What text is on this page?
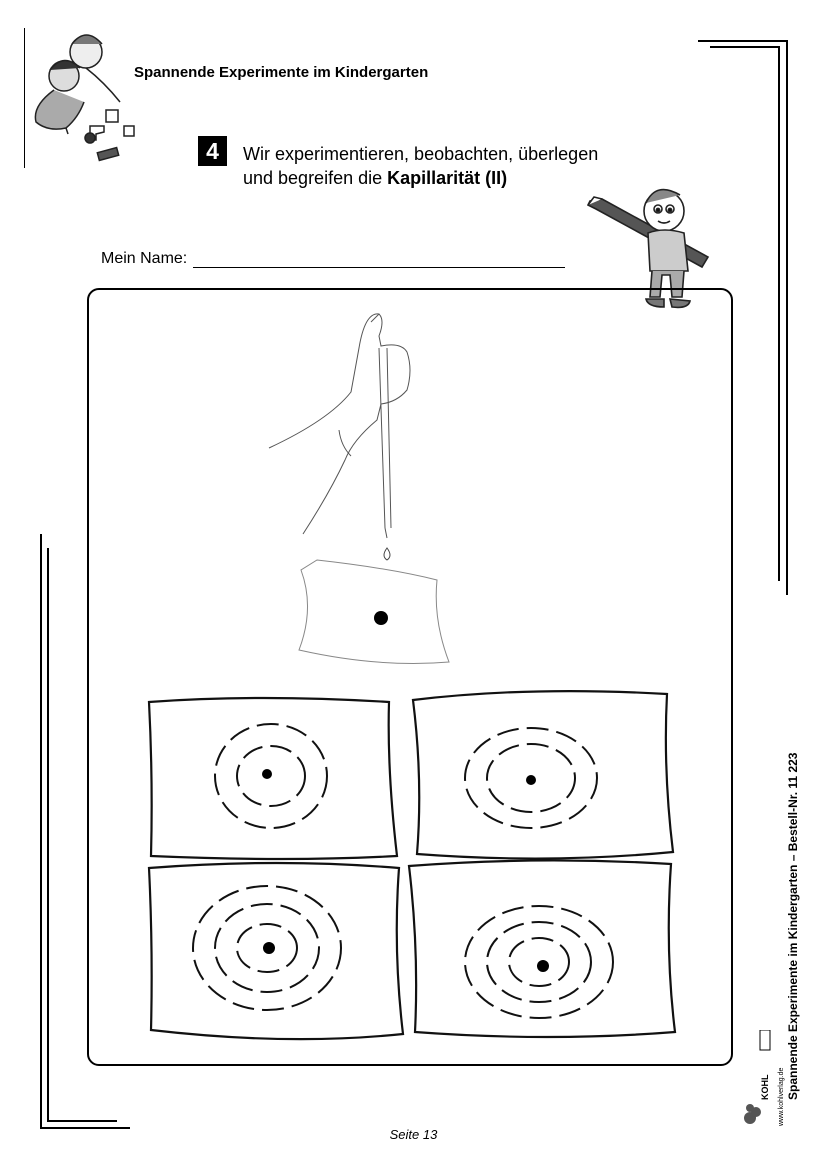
Spannende Experimente im Kindergarten
4	Wir experimentieren, beobachten, überlegen
und begreifen die Kapillarität (II)
Mein Name:
Spannende Experimente im Kindergarten – Bestell-Nr. 11 223
KOHL www.kohlverlag.de
Seite 13
